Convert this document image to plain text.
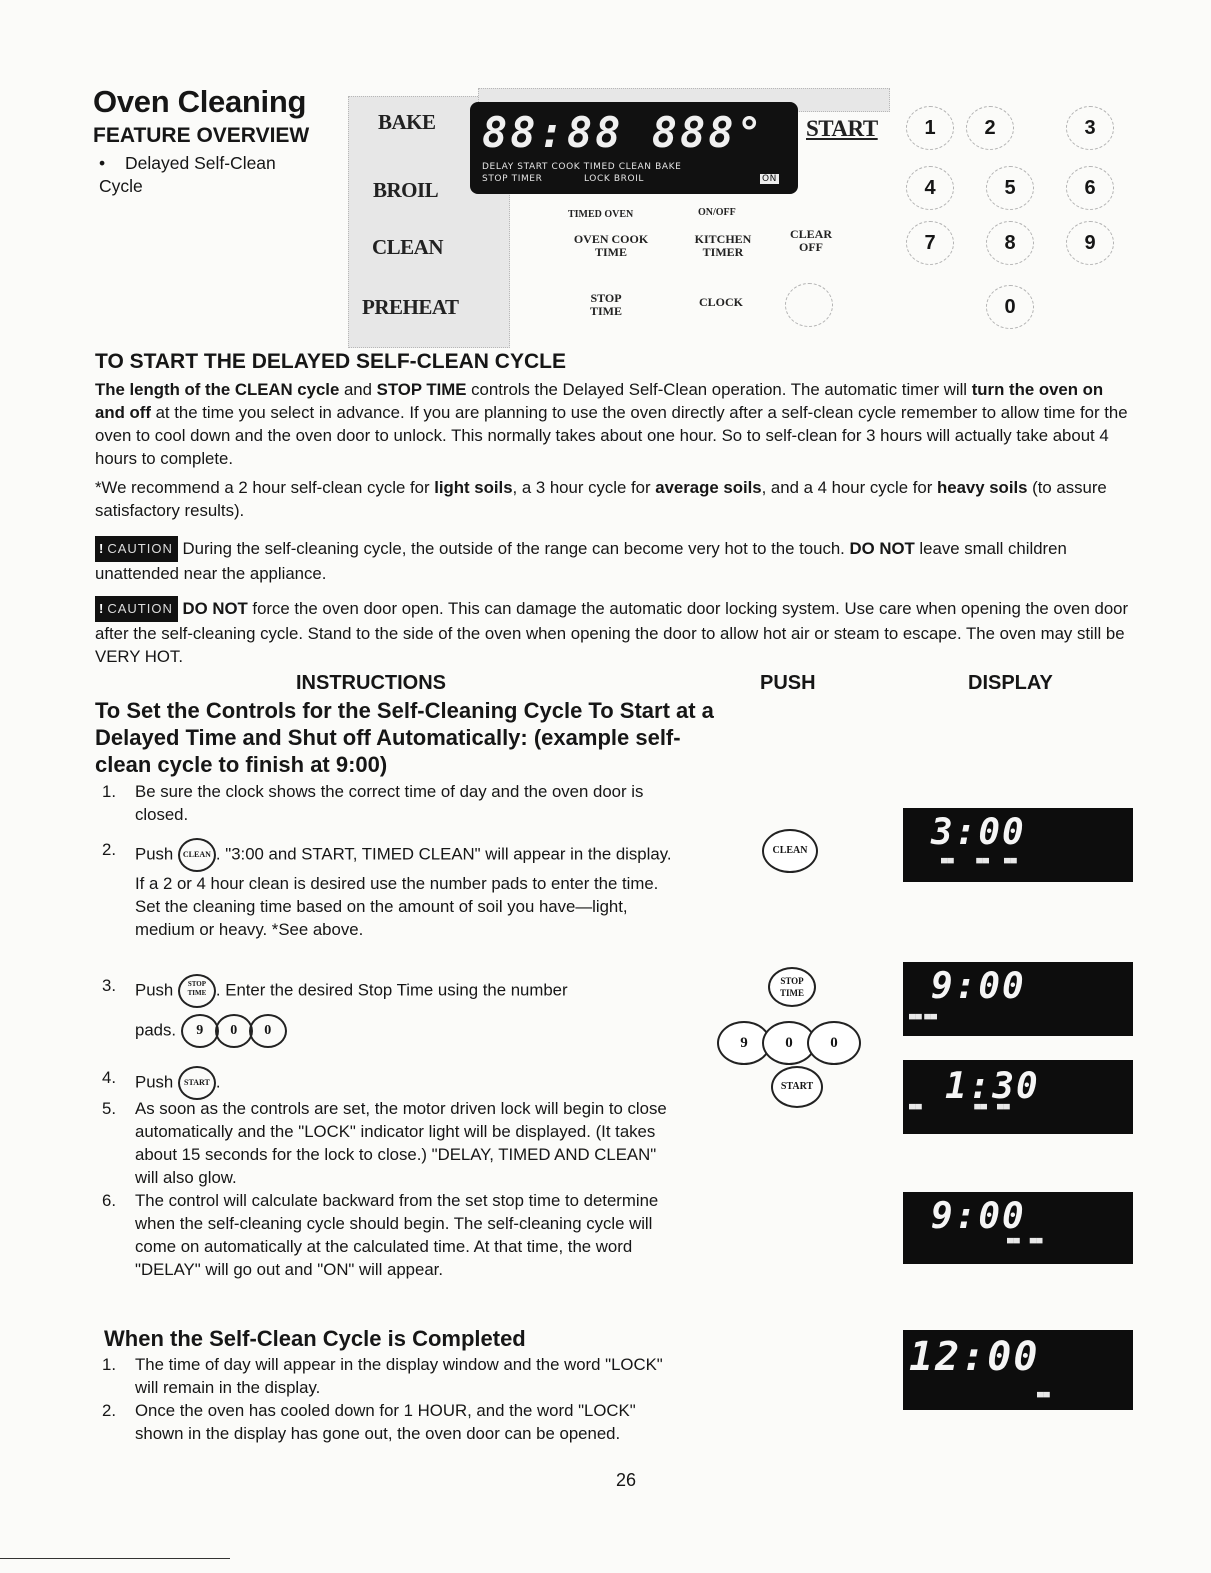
Oven Cleaning
FEATURE OVERVIEW
• Delayed Self-Clean Cycle
BAKE
BROIL
CLEAN
PREHEAT
88:88 888°
DELAY START COOK TIMED CLEAN BAKE
STOP TIMER	LOCK BROIL	ON
START
TIMED OVEN	ON/OFF
OVEN COOK TIME
KITCHEN TIMER
CLEAR OFF
STOP TIME
CLOCK
1	2	3
4	5	6
7	8	9
0
TO START THE DELAYED SELF-CLEAN CYCLE
The length of the CLEAN cycle and STOP TIME controls the Delayed Self-Clean operation. The automatic timer will turn the oven on and off at the time you select in advance. If you are planning to use the oven directly after a self-clean cycle remember to allow time for the oven to cool down and the oven door to unlock. This normally takes about one hour. So to self-clean for 3 hours will actually take about 4 hours to complete.
*We recommend a 2 hour self-clean cycle for light soils, a 3 hour cycle for average soils, and a 4 hour cycle for heavy soils (to assure satisfactory results).
! CAUTION During the self-cleaning cycle, the outside of the range can become very hot to the touch. DO NOT leave small children unattended near the appliance.
! CAUTION DO NOT force the oven door open. This can damage the automatic door locking system. Use care when opening the oven door after the self-cleaning cycle. Stand to the side of the oven when opening the door to allow hot air or steam to escape. The oven may still be VERY HOT.
INSTRUCTIONS	PUSH	DISPLAY
To Set the Controls for the Self-Cleaning Cycle To Start at a Delayed Time and Shut off Automatically: (example self-clean cycle to finish at 9:00)
1.	Be sure the clock shows the correct time of day and the oven door is closed.
2.	Push CLEAN . "3:00 and START, TIMED CLEAN" will appear in the display. If a 2 or 4 hour clean is desired use the number pads to enter the time. Set the cleaning time based on the amount of soil you have—light, medium or heavy. *See above.
3.	Push STOP TIME . Enter the desired Stop Time using the number
pads. 9 0 0
4.	Push START .
5.	As soon as the controls are set, the motor driven lock will begin to close automatically and the "LOCK" indicator light will be displayed. (It takes about 15 seconds for the lock to close.) "DELAY, TIMED AND CLEAN" will also glow.
6.	The control will calculate backward from the set stop time to determine when the self-cleaning cycle should begin. The self-cleaning cycle will come on automatically at the calculated time. At that time, the word "DELAY" will go out and "ON" will appear.
When the Self-Clean Cycle is Completed
1.	The time of day will appear in the display window and the word "LOCK" will remain in the display.
2.	Once the oven has cooled down for 1 HOUR, and the word "LOCK" shown in the display has gone out, the oven door can be opened.
CLEAN
STOP TIME
9	0	0
START
3:00
▀▀         ▀▀      ▀▀
9:00
▀▀ ▀▀
1:30
▀▀                     ▀▀    ▀▀
9:00
▀▀    ▀▀
12:00
▀▀
26
